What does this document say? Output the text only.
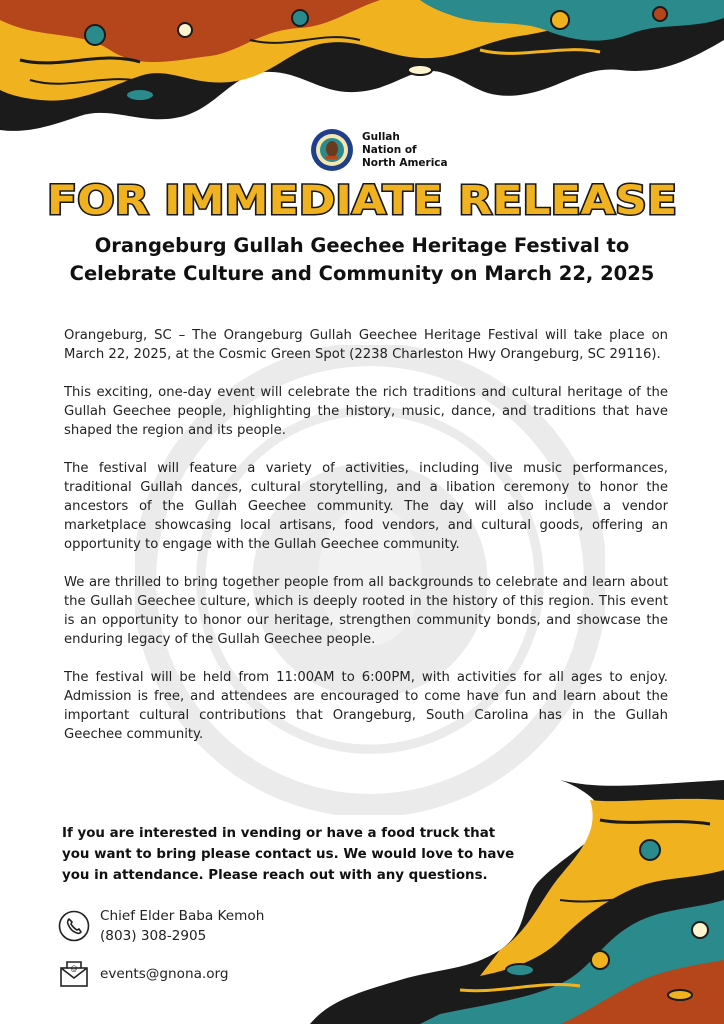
Gullah
Nation of
North America
FOR IMMEDIATE RELEASE
Orangeburg Gullah Geechee Heritage Festival to Celebrate Culture and Community on March 22, 2025

Orangeburg, SC – The Orangeburg Gullah Geechee Heritage Festival will take place on March 22, 2025, at the Cosmic Green Spot (2238 Charleston Hwy Orangeburg, SC 29116).

This exciting, one-day event will celebrate the rich traditions and cultural heritage of the Gullah Geechee people, highlighting the history, music, dance, and traditions that have shaped the region and its people.

The festival will feature a variety of activities, including live music performances, traditional Gullah dances, cultural storytelling, and a libation ceremony to honor the ancestors of the Gullah Geechee community. The day will also include a vendor marketplace showcasing local artisans, food vendors, and cultural goods, offering an opportunity to engage with the Gullah Geechee community.

We are thrilled to bring together people from all backgrounds to celebrate and learn about the Gullah Geechee culture, which is deeply rooted in the history of this region. This event is an opportunity to honor our heritage, strengthen community bonds, and showcase the enduring legacy of the Gullah Geechee people.

The festival will be held from 11:00AM to 6:00PM, with activities for all ages to enjoy. Admission is free, and attendees are encouraged to come have fun and learn about the important cultural contributions that Orangeburg, South Carolina has in the Gullah Geechee community.

If you are interested in vending or have a food truck that you want to bring please contact us. We would love to have you in attendance. Please reach out with any questions.
Chief Elder Baba Kemoh
(803) 308-2905
@ events@gnona.org
